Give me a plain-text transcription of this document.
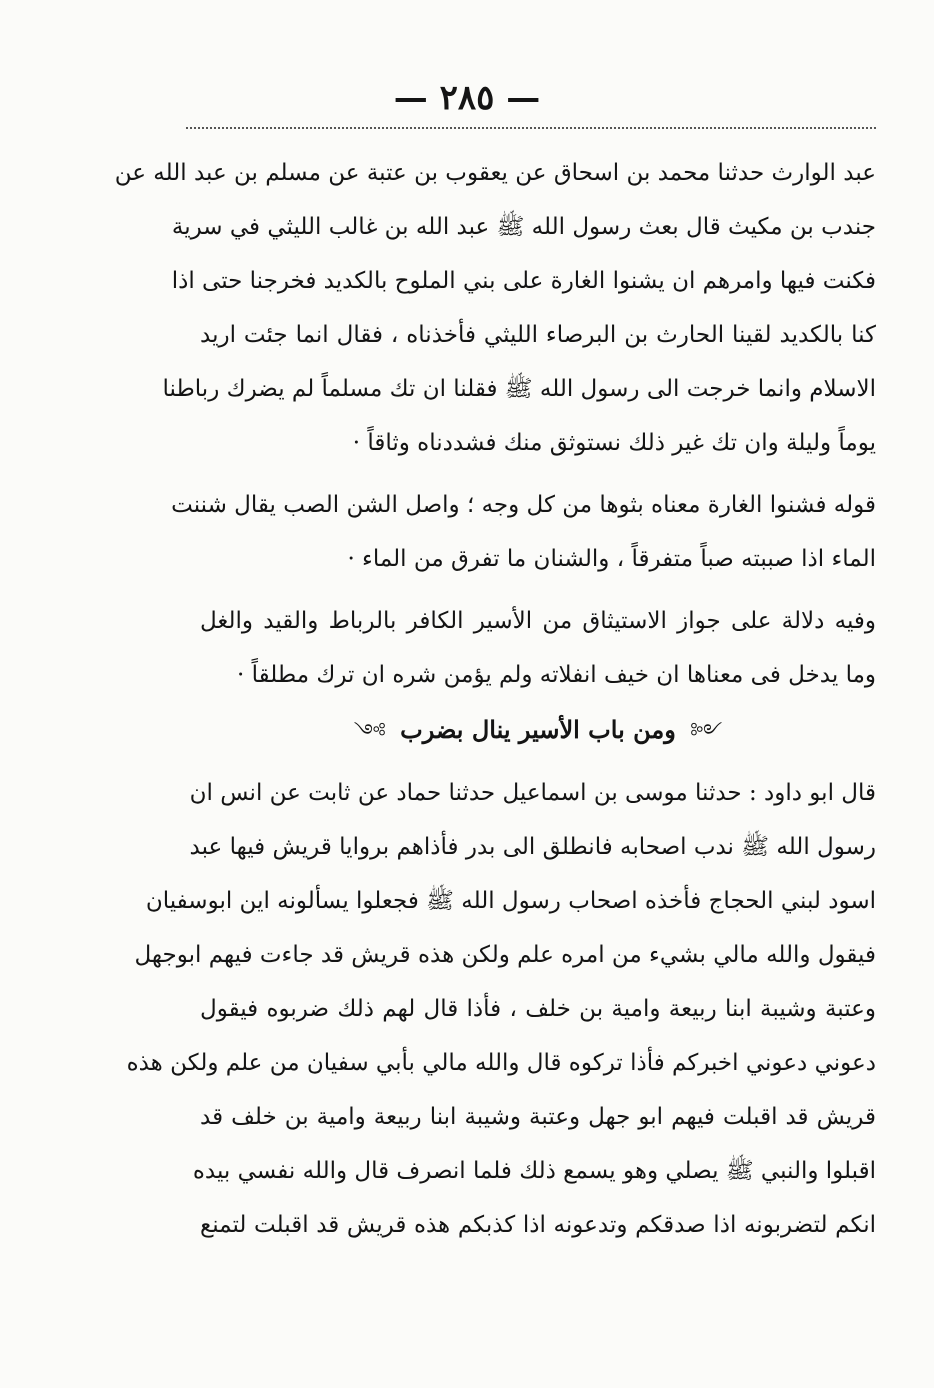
— ٢٨٥ —
عبد الوارث حدثنا محمد بن اسحاق عن يعقوب بن عتبة عن مسلم بن عبد الله عن
جندب بن مكيث قال بعث رسول الله ﷺ عبد الله بن غالب الليثي في سرية
فكنت فيها وامرهم ان يشنوا الغارة على بني الملوح بالكديد فخرجنا حتى اذا
كنا بالكديد لقينا الحارث بن البرصاء الليثي فأخذناه ، فقال انما جئت اريد
الاسلام وانما خرجت الى رسول الله ﷺ فقلنا ان تك مسلماً لم يضرك رباطنا
يوماً وليلة وان تك غير ذلك نستوثق منك فشددناه وثاقاً ·
قوله فشنوا الغارة معناه بثوها من كل وجه ؛ واصل الشن الصب يقال شننت
الماء اذا صببته صباً متفرقاً ، والشنان ما تفرق من الماء ·
وفيه دلالة على جواز الاستيثاق من الأسير الكافر بالرباط والقيد والغل
وما يدخل فى معناها ان خيف انفلاته ولم يؤمن شره ان ترك مطلقاً ·
༺ ومن باب الأسير ينال بضرب ༻
قال ابو داود : حدثنا موسى بن اسماعيل حدثنا حماد عن ثابت عن انس ان
رسول الله ﷺ ندب اصحابه فانطلق الى بدر فأذاهم بروايا قريش فيها عبد
اسود لبني الحجاج فأخذه اصحاب رسول الله ﷺ فجعلوا يسألونه اين ابوسفيان
فيقول والله مالي بشيء من امره علم ولكن هذه قريش قد جاءت فيهم ابوجهل
وعتبة وشيبة ابنا ربيعة وامية بن خلف ، فأذا قال لهم ذلك ضربوه فيقول
دعوني دعوني اخبركم فأذا تركوه قال والله مالي بأبي سفيان من علم ولكن هذه
قريش قد اقبلت فيهم ابو جهل وعتبة وشيبة ابنا ربيعة وامية بن خلف قد
اقبلوا والنبي ﷺ يصلي وهو يسمع ذلك فلما انصرف قال والله نفسي بيده
انكم لتضربونه اذا صدقكم وتدعونه اذا كذبكم هذه قريش قد اقبلت لتمنع
